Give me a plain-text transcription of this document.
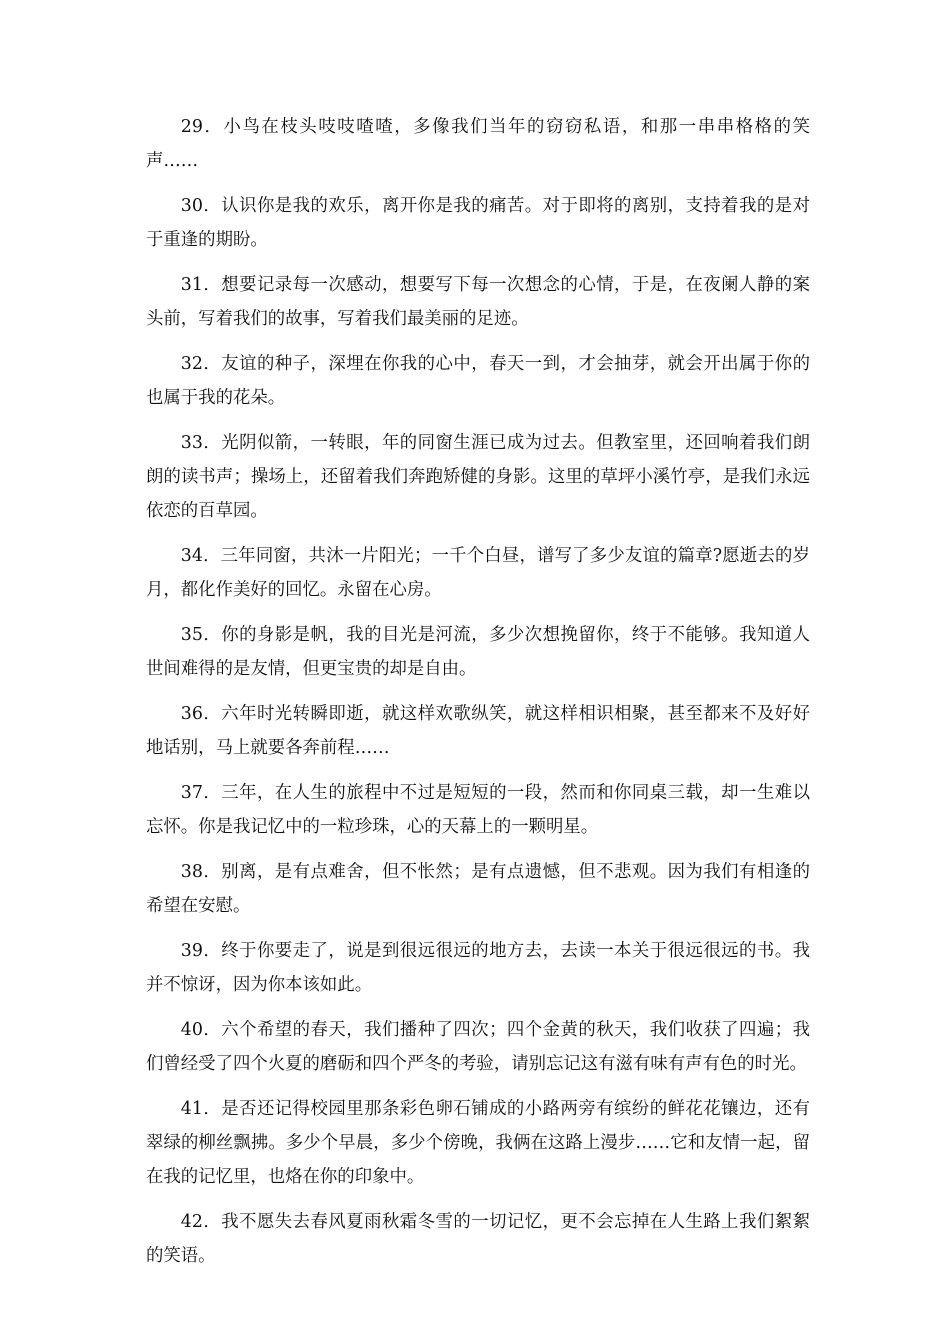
29．小鸟在枝头吱吱喳喳，多像我们当年的窃窃私语，和那一串串格格的笑声……

30．认识你是我的欢乐，离开你是我的痛苦。对于即将的离别，支持着我的是对于重逢的期盼。

31．想要记录每一次感动，想要写下每一次想念的心情，于是，在夜阑人静的案头前，写着我们的故事，写着我们最美丽的足迹。

32．友谊的种子，深埋在你我的心中，春天一到，才会抽芽，就会开出属于你的也属于我的花朵。

33．光阴似箭，一转眼，年的同窗生涯已成为过去。但教室里，还回响着我们朗朗的读书声；操场上，还留着我们奔跑矫健的身影。这里的草坪小溪竹亭，是我们永远依恋的百草园。

34．三年同窗，共沐一片阳光；一千个白昼，谱写了多少友谊的篇章?愿逝去的岁月，都化作美好的回忆。永留在心房。

35．你的身影是帆，我的目光是河流，多少次想挽留你，终于不能够。我知道人世间难得的是友情，但更宝贵的却是自由。

36．六年时光转瞬即逝，就这样欢歌纵笑，就这样相识相聚，甚至都来不及好好地话别，马上就要各奔前程……

37．三年，在人生的旅程中不过是短短的一段，然而和你同桌三载，却一生难以忘怀。你是我记忆中的一粒珍珠，心的天幕上的一颗明星。

38．别离，是有点难舍，但不怅然；是有点遗憾，但不悲观。因为我们有相逢的希望在安慰。

39．终于你要走了，说是到很远很远的地方去，去读一本关于很远很远的书。我并不惊讶，因为你本该如此。

40．六个希望的春天，我们播种了四次；四个金黄的秋天，我们收获了四遍；我们曾经受了四个火夏的磨砺和四个严冬的考验，请别忘记这有滋有味有声有色的时光。

41．是否还记得校园里那条彩色卵石铺成的小路两旁有缤纷的鲜花花镶边，还有翠绿的柳丝飘拂。多少个早晨，多少个傍晚，我俩在这路上漫步……它和友情一起，留在我的记忆里，也烙在你的印象中。

42．我不愿失去春风夏雨秋霜冬雪的一切记忆，更不会忘掉在人生路上我们絮絮的笑语。
